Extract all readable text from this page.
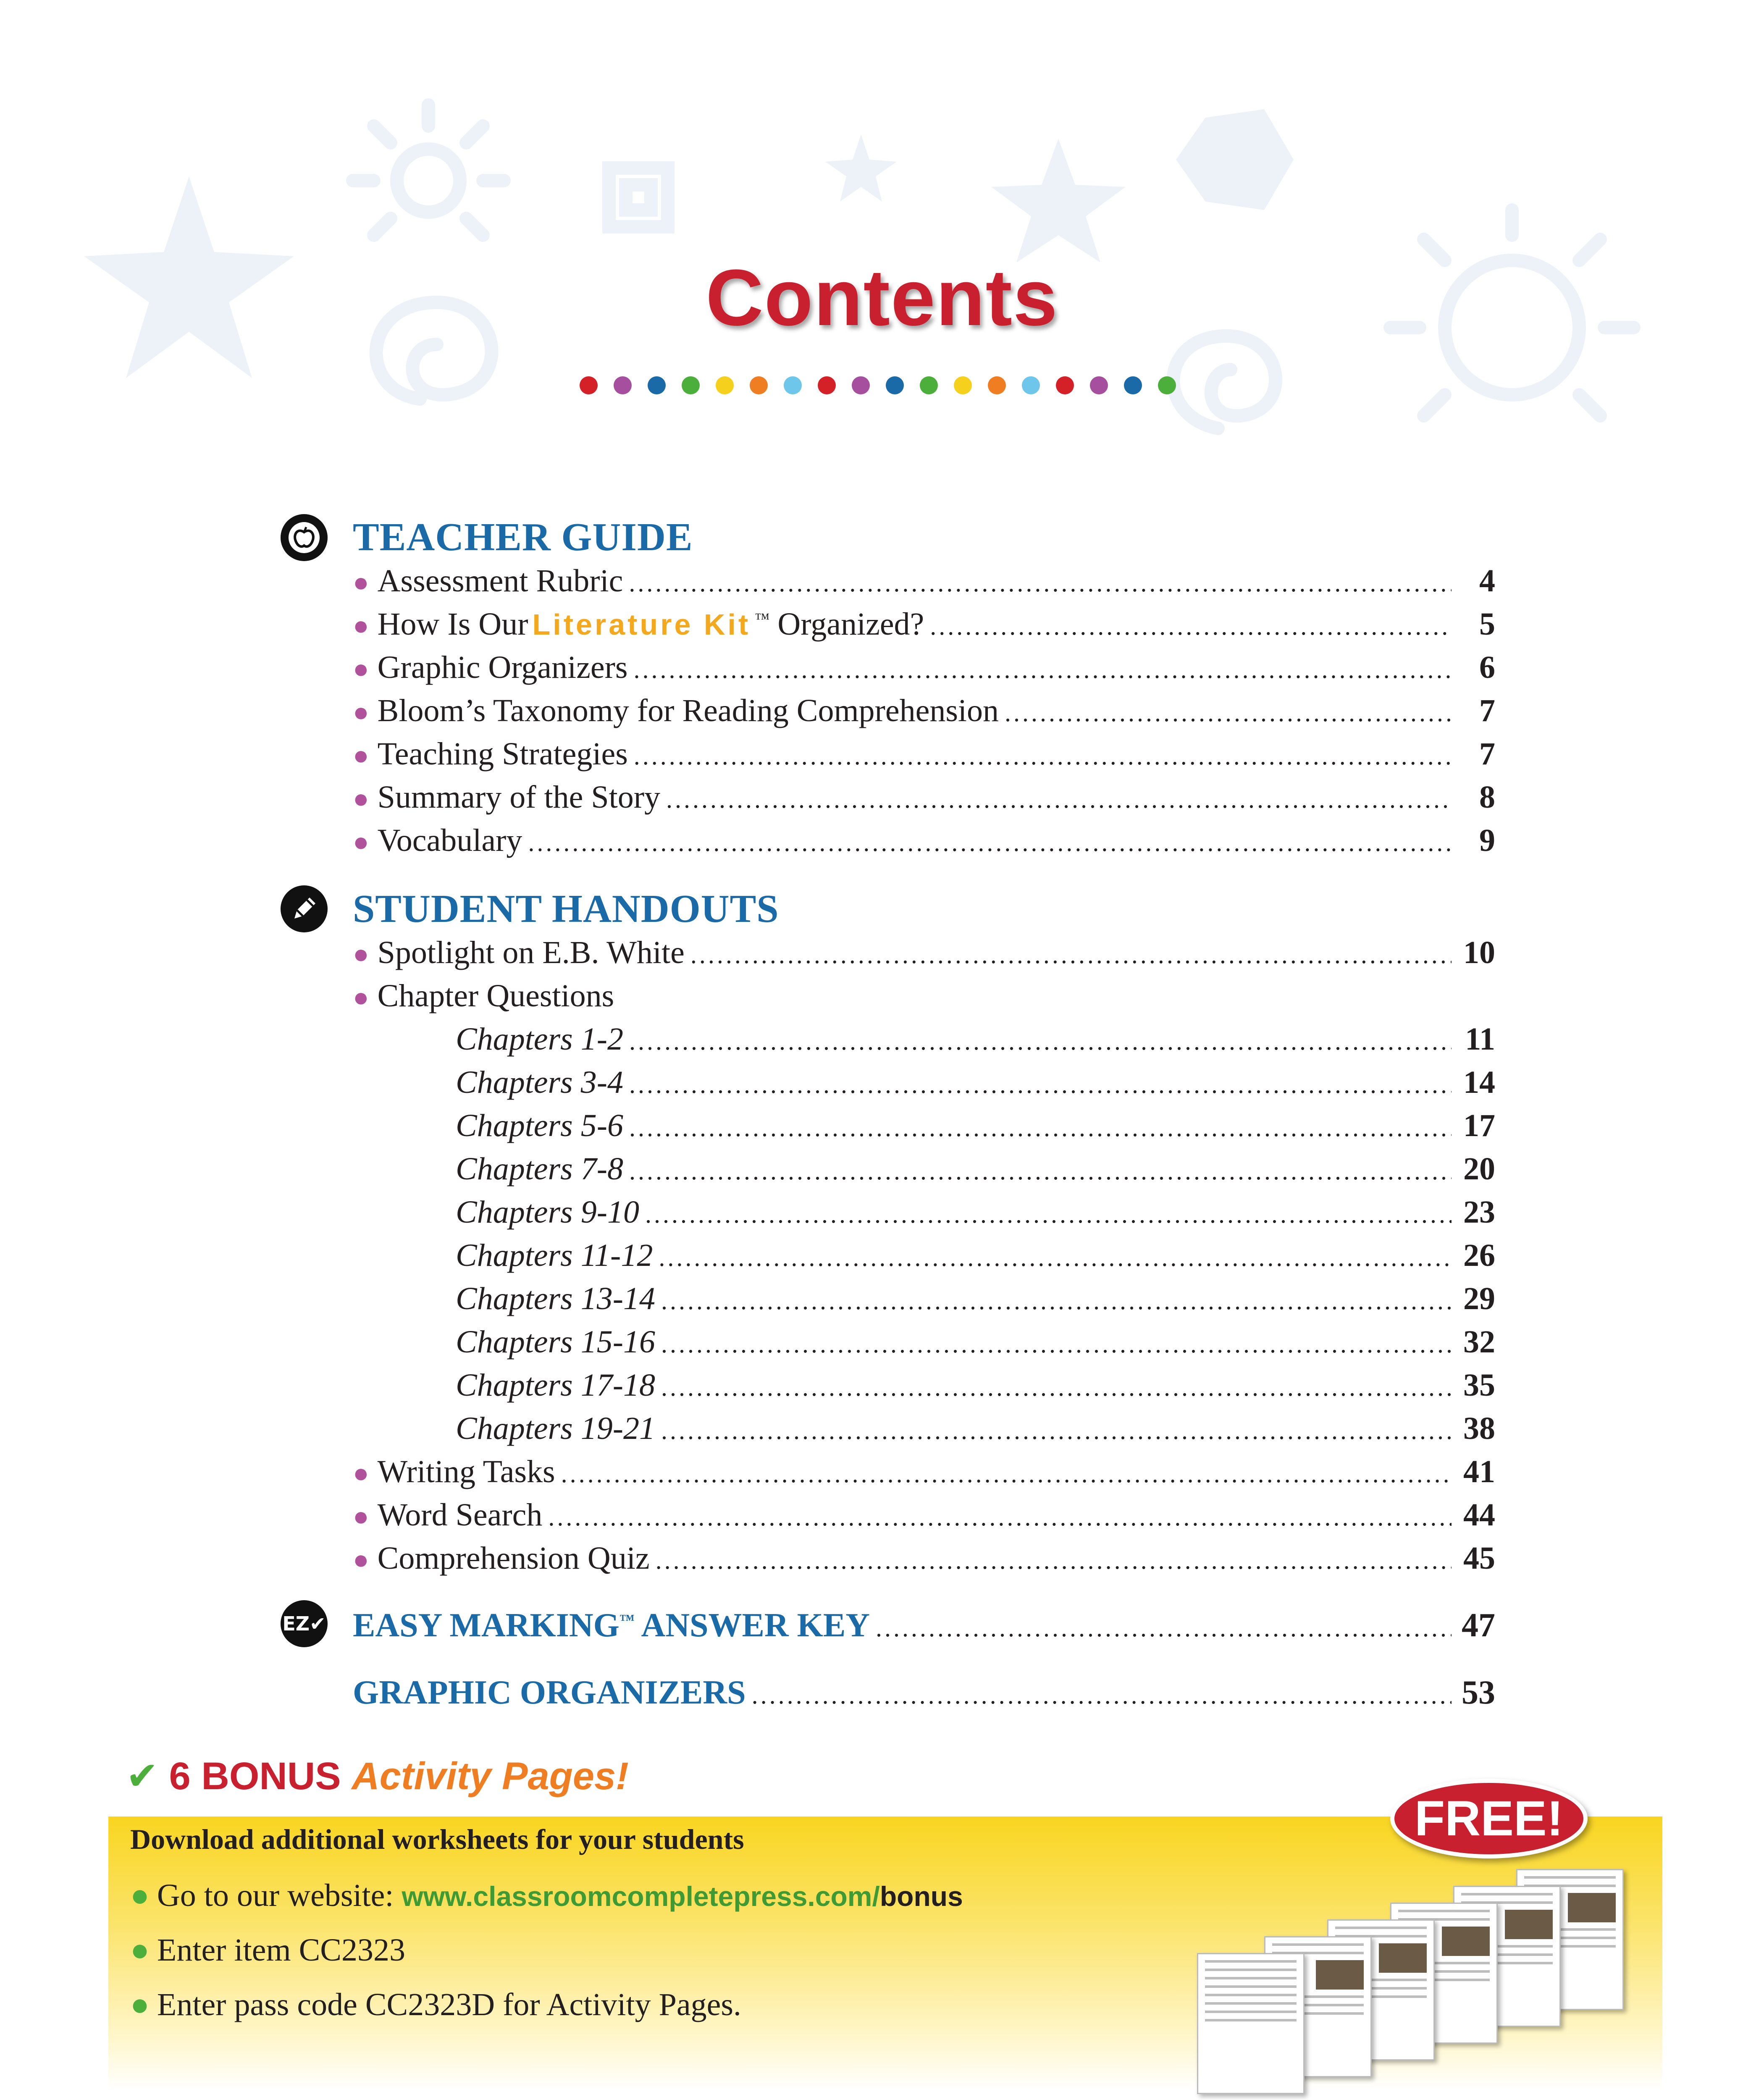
Contents
TEACHER GUIDE
● Assessment Rubric .....	4
● How Is Our Literature Kit ™ Organized? .....	5
● Graphic Organizers .....	6
● Bloom’s Taxonomy for Reading Comprehension .....	7
● Teaching Strategies .....	7
● Summary of the Story .....	8
● Vocabulary .....	9
STUDENT HANDOUTS
● Spotlight on E.B. White .....	10
● Chapter Questions
Chapters 1-2 .....	11
Chapters 3-4 .....	14
Chapters 5-6 .....	17
Chapters 7-8 .....	20
Chapters 9-10 .....	23
Chapters 11-12 .....	26
Chapters 13-14 .....	29
Chapters 15-16 .....	32
Chapters 17-18 .....	35
Chapters 19-21 .....	38
● Writing Tasks .....	41
● Word Search .....	44
● Comprehension Quiz .....	45
EZ✔ EASY MARKING™ ANSWER KEY .....	47
GRAPHIC ORGANIZERS .....	53
✔ 6 BONUS Activity Pages!
Download additional worksheets for your students
● Go to our website: www.classroomcompletepress.com/bonus
● Enter item CC2323
● Enter pass code CC2323D for Activity Pages.
FREE!
